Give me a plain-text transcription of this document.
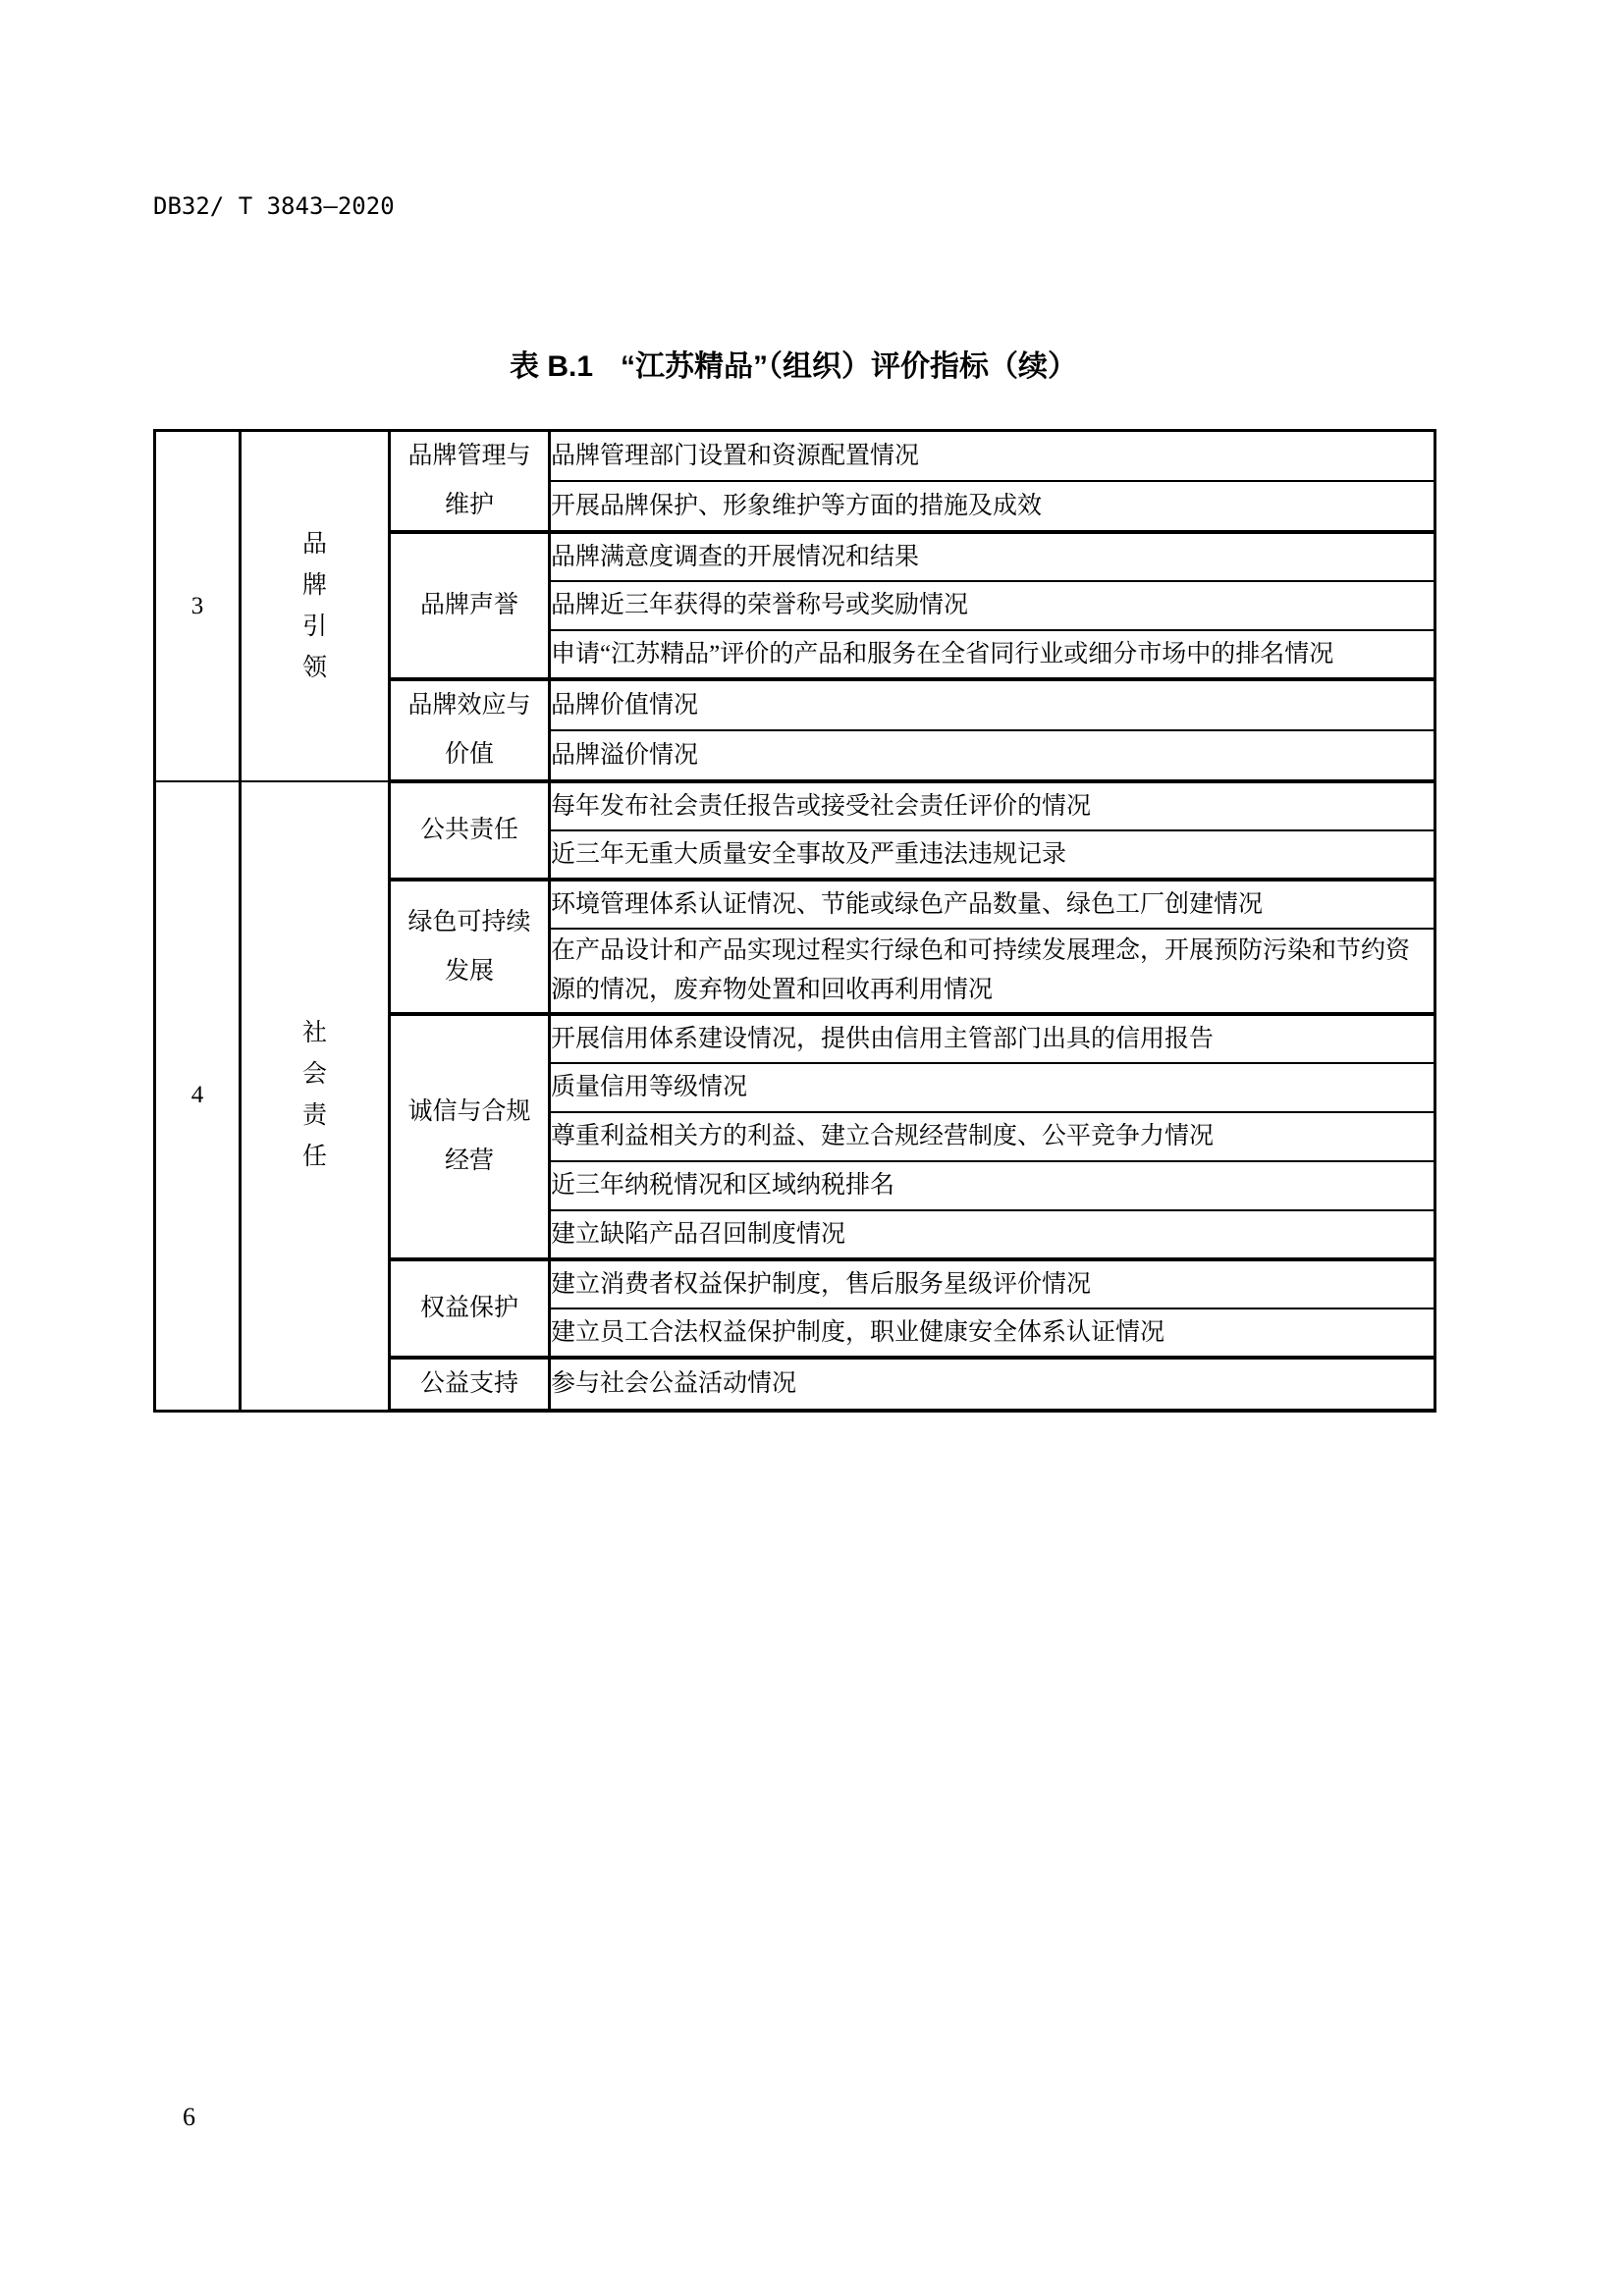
DB32/ T 3843—2020
表 B.1 “江苏精品”（组织）评价指标（续）
3	品牌引领	品牌管理与维护	品牌管理部门设置和资源配置情况
			开展品牌保护、形象维护等方面的措施及成效

		品牌声誉	品牌满意度调查的开展情况和结果
			品牌近三年获得的荣誉称号或奖励情况
			申请“江苏精品”评价的产品和服务在全省同行业或细分市场中的排名情况

		品牌效应与价值	品牌价值情况
			品牌溢价情况
4	社会责任	公共责任	每年发布社会责任报告或接受社会责任评价的情况
			近三年无重大质量安全事故及严重违法违规记录

		绿色可持续发展	环境管理体系认证情况、节能或绿色产品数量、绿色工厂创建情况
			在产品设计和产品实现过程实行绿色和可持续发展理念，开展预防污染和节约资源的情况，废弃物处置和回收再利用情况

		诚信与合规经营	开展信用体系建设情况，提供由信用主管部门出具的信用报告
			质量信用等级情况
			尊重利益相关方的利益、建立合规经营制度、公平竞争力情况
			近三年纳税情况和区域纳税排名
			建立缺陷产品召回制度情况

		权益保护	建立消费者权益保护制度，售后服务星级评价情况
			建立员工合法权益保护制度，职业健康安全体系认证情况

		公益支持	参与社会公益活动情况
6
